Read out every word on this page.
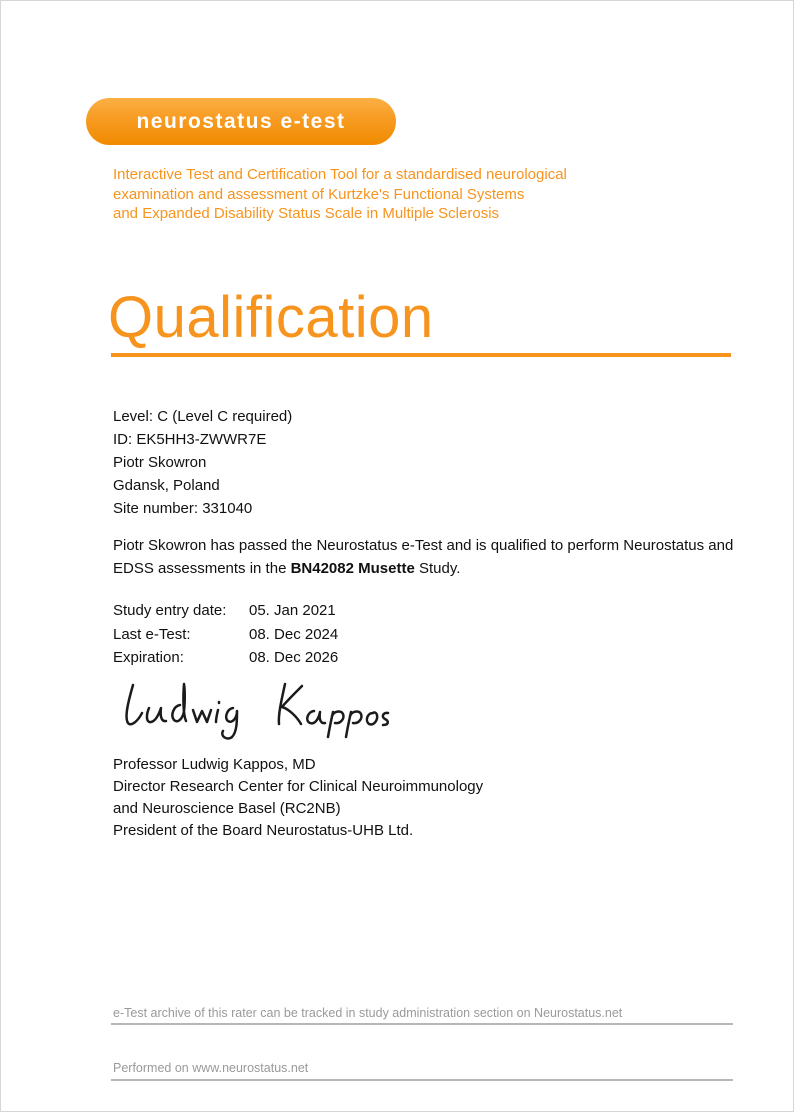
neurostatus e-test
Interactive Test and Certification Tool for a standardised neurological
examination and assessment of Kurtzke's Functional Systems
and Expanded Disability Status Scale in Multiple Sclerosis
Qualification
Level: C (Level C required)
ID: EK5HH3-ZWWR7E
Piotr Skowron
Gdansk, Poland
Site number: 331040

Piotr Skowron has passed the Neurostatus e-Test and is qualified to perform Neurostatus and EDSS assessments in the BN42082 Musette Study.

Study entry date:	05. Jan 2021
Last e-Test:	08. Dec 2024
Expiration:	08. Dec 2026
Professor Ludwig Kappos, MD
Director Research Center for Clinical Neuroimmunology
and Neuroscience Basel (RC2NB)
President of the Board Neurostatus-UHB Ltd.
e-Test archive of this rater can be tracked in study administration section on Neurostatus.net
Performed on www.neurostatus.net
